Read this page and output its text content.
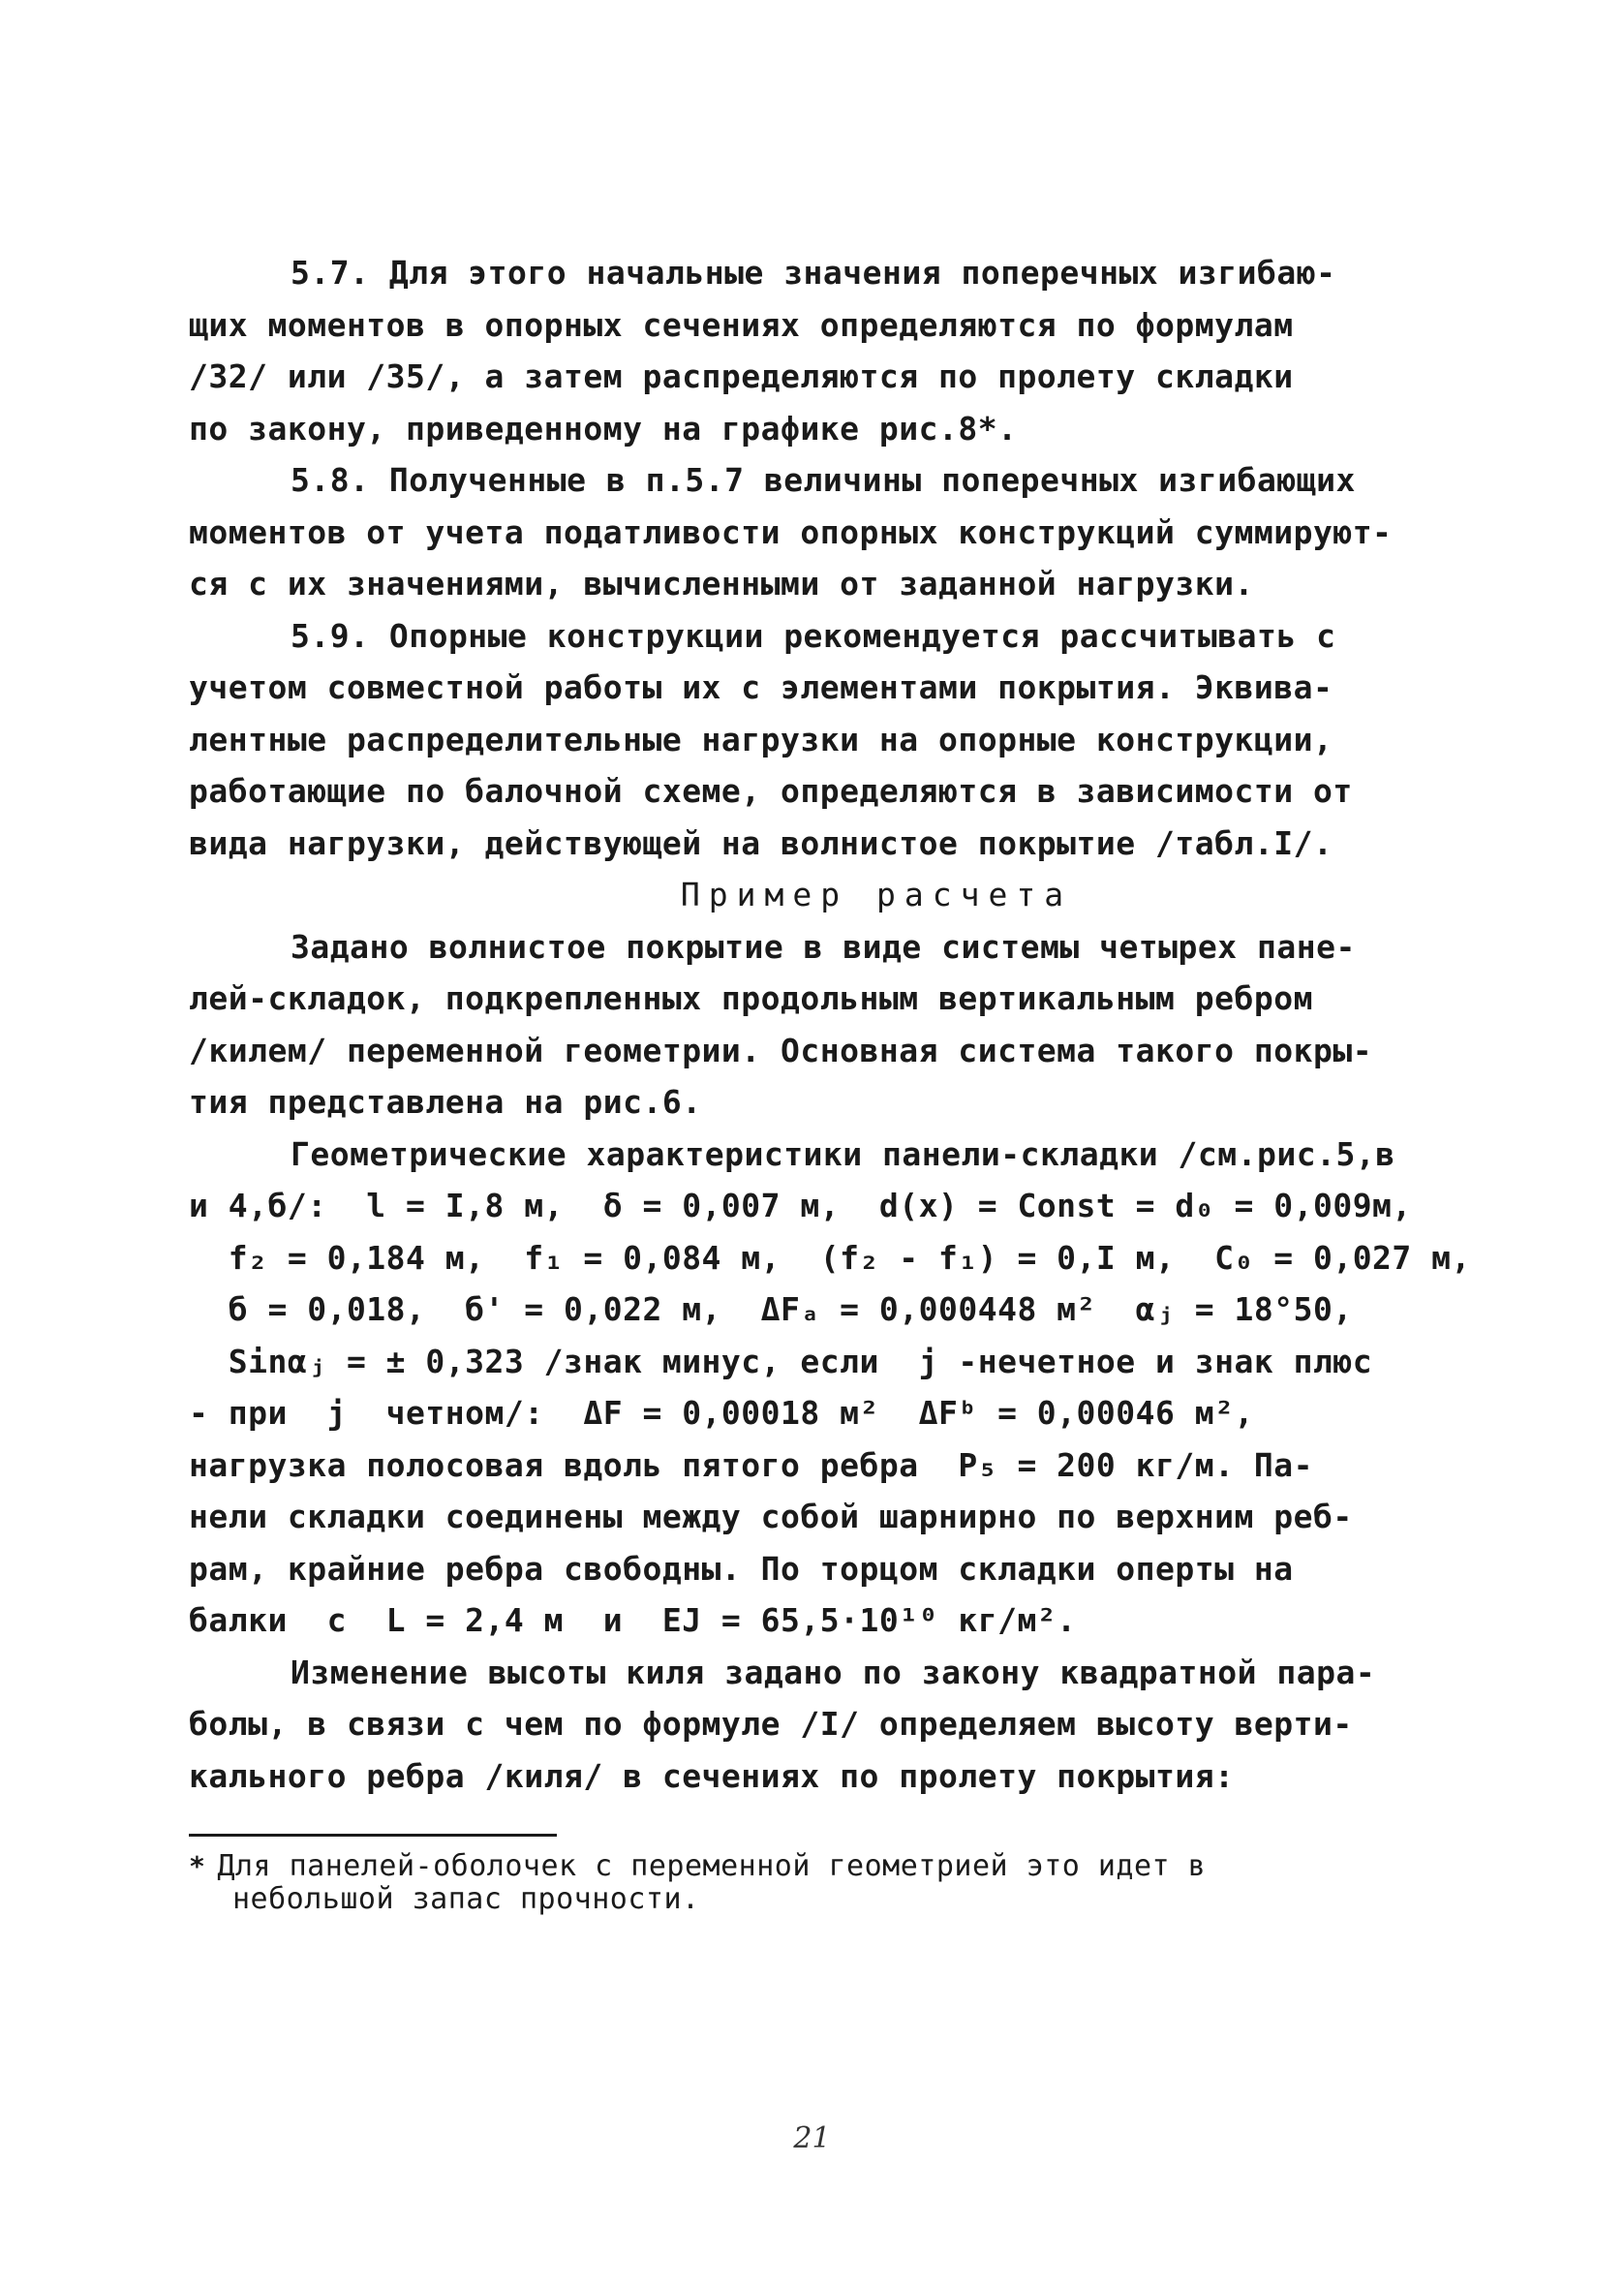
5.7. Для этого начальные значения поперечных изгибаю-
щих моментов в опорных сечениях определяются по формулам
/32/ или /35/, а затем распределяются по пролету складки
по закону, приведенному на графике рис.8*.
5.8. Полученные в п.5.7 величины поперечных изгибающих
моментов от учета податливости опорных конструкций суммируют-
ся с их значениями, вычисленными от заданной нагрузки.
5.9. Опорные конструкции рекомендуется рассчитывать с
учетом совместной работы их с элементами покрытия. Эквива-
лентные распределительные нагрузки на опорные конструкции,
работающие по балочной схеме, определяются в зависимости от
вида нагрузки, действующей на волнистое покрытие /табл.I/.
Пример расчета
Задано волнистое покрытие в виде системы четырех пане-
лей-складок, подкрепленных продольным вертикальным ребром
/килем/ переменной геометрии. Основная система такого покры-
тия представлена на рис.6.
Геометрические характеристики панели-складки /см.рис.5,в
и 4,б/:  l = I,8 м,  δ = 0,007 м,  d(x) = Const = d₀ = 0,009м,
f₂ = 0,184 м,  f₁ = 0,084 м,  (f₂ - f₁) = 0,I м,  C₀ = 0,027 м,
б = 0,018,  б' = 0,022 м,  ΔFₐ = 0,000448 м²  αⱼ = 18°50,
Sinαⱼ = ± 0,323 /знак минус, если  j -нечетное и знак плюс
- при  j  четном/:  ΔF = 0,00018 м²  ΔFᵇ = 0,00046 м²,
нагрузка полосовая вдоль пятого ребра  P₅ = 200 кг/м. Па-
нели складки соединены между собой шарнирно по верхним реб-
рам, крайние ребра свободны. По торцом складки оперты на
балки  с  L = 2,4 м  и  EJ = 65,5·10¹⁰ кг/м².
Изменение высоты киля задано по закону квадратной пара-
болы, в связи с чем по формуле /I/ определяем высоту верти-
кального ребра /киля/ в сечениях по пролету покрытия:
* Для панелей-оболочек с переменной геометрией это идет в
небольшой запас прочности.
21
